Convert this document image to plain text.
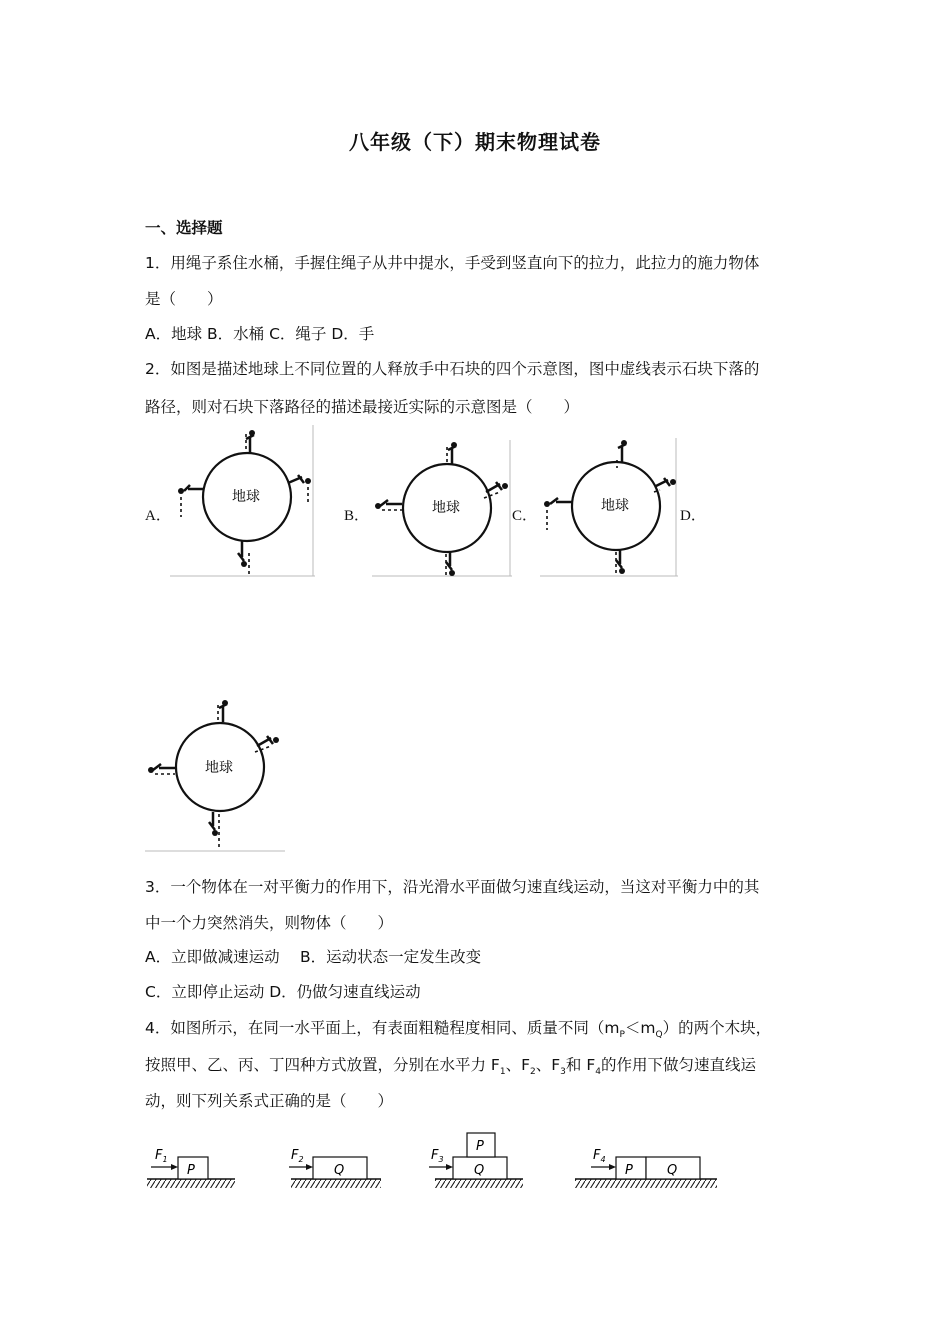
八年级（下）期末物理试卷
一、选择题
1．用绳子系住水桶，手握住绳子从井中提水，手受到竖直向下的拉力，此拉力的施力物体
是（　　）
A．地球 B．水桶 C．绳子 D．手
2．如图是描述地球上不同位置的人释放手中石块的四个示意图，图中虚线表示石块下落的
路径，则对石块下落路径的描述最接近实际的示意图是（　　）
A．	B．	C．	D．
地球
地球	地球
地球
3．一个物体在一对平衡力的作用下，沿光滑水平面做匀速直线运动，当这对平衡力中的其
中一个力突然消失，则物体（　　）
A．立即做减速运动　 B．运动状态一定发生改变
C．立即停止运动 D．仍做匀速直线运动
4．如图所示，在同一水平面上，有表面粗糙程度相同、质量不同$(m_P<m_Q)$的两个木块，
按照甲、乙、丙、丁四种方式放置，分别在水平力 $F_1$、$F_2$、$F_3$和 $F_4$的作用下做匀速直线运
动，则下列关系式正确的是（　　）
P
$F_1$
Q
$F_2$
Q
P
$F_3$
P	Q
$F_4$
